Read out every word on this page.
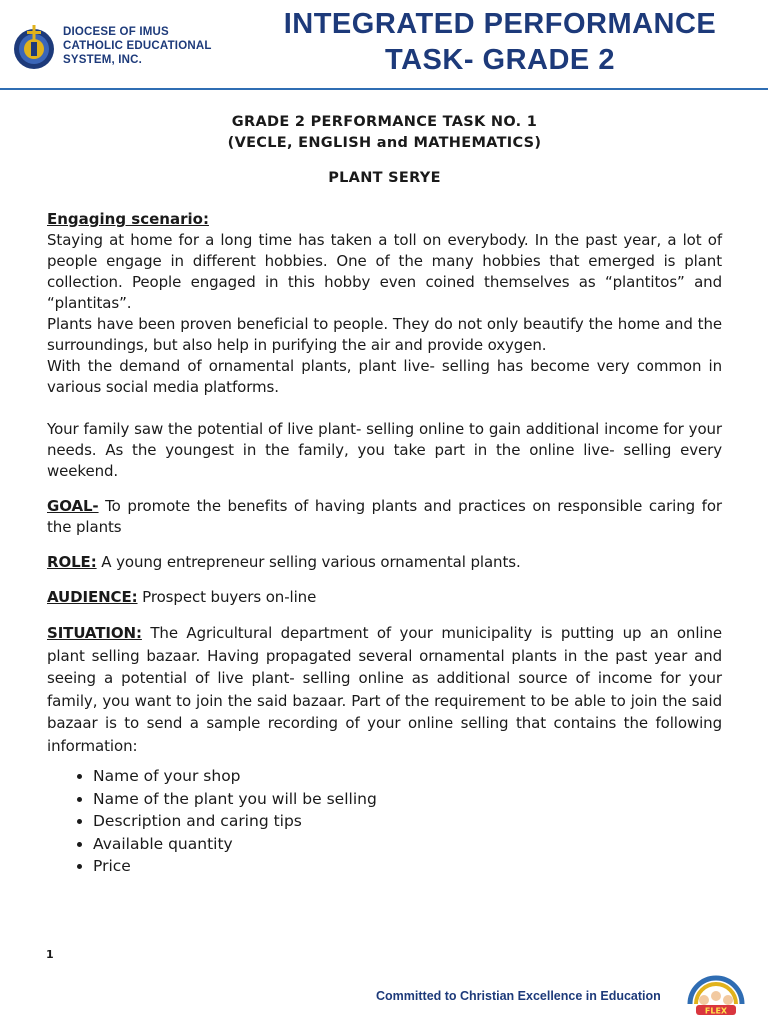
DIOCESE OF IMUS
CATHOLIC EDUCATIONAL
SYSTEM, INC.
INTEGRATED PERFORMANCE
TASK- GRADE 2
GRADE 2 PERFORMANCE TASK NO. 1
(VECLE, ENGLISH and MATHEMATICS)
PLANT SERYE
Engaging scenario:

Staying at home for a long time has taken a toll on everybody. In the past year, a lot of people engage in different hobbies. One of the many hobbies that emerged is plant collection. People engaged in this hobby even coined themselves as “plantitos” and “plantitas”.

Plants have been proven beneficial to people. They do not only beautify the home and the surroundings, but also help in purifying the air and provide oxygen.

With the demand of ornamental plants, plant live- selling has become very common in various social media platforms.

Your family saw the potential of live plant- selling online to gain additional income for your needs. As the youngest in the family, you take part in the online live- selling every weekend.

GOAL- To promote the benefits of having plants and practices on responsible caring for the plants

ROLE: A young entrepreneur selling various ornamental plants.

AUDIENCE: Prospect buyers on-line

SITUATION: The Agricultural department of your municipality is putting up an online plant selling bazaar. Having propagated several ornamental plants in the past year and seeing a potential of live plant- selling online as additional source of income for your family, you want to join the said bazaar. Part of the requirement to be able to join the said bazaar is to send a sample recording of your online selling that contains the following information:

• Name of your shop
• Name of the plant you will be selling
• Description and caring tips
• Available quantity
• Price
1
Committed to Christian Excellence in Education
FLEX
